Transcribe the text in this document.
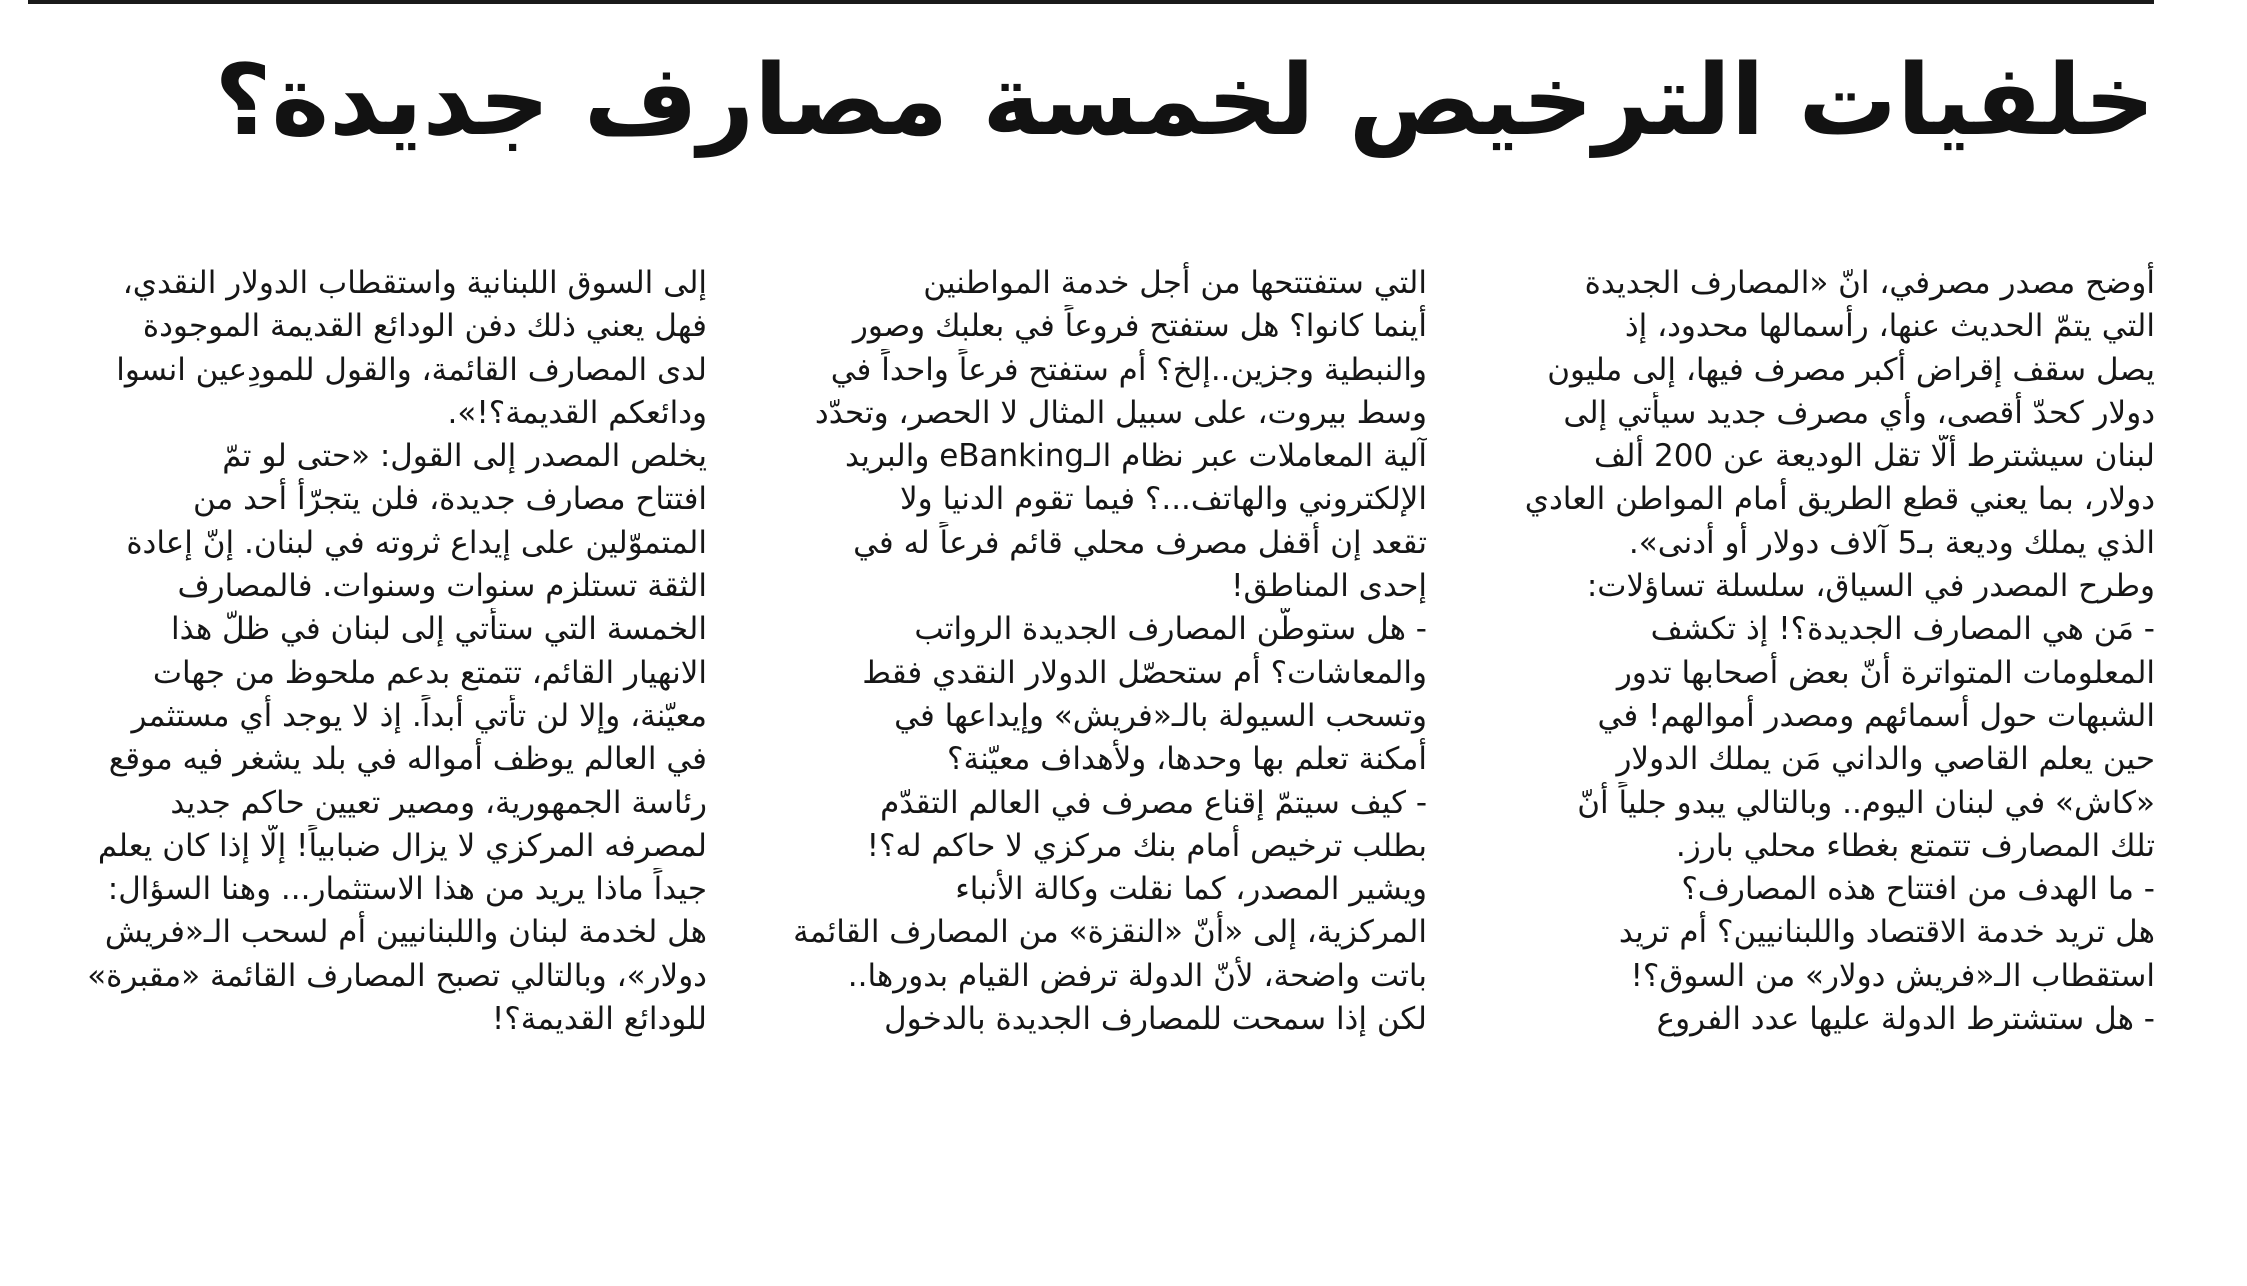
خلفيات الترخيص لخمسة مصارف جديدة؟

أوضح مصدر مصرفي، انّ «المصارف الجديدة

التي يتمّ الحديث عنها، رأسمالها محدود، إذ

يصل سقف إقراض أكبر مصرف فيها، إلى مليون

دولار كحدّ أقصى، وأي مصرف جديد سيأتي إلى

لبنان سيشترط ألّا تقل الوديعة عن 200 ألف

دولار، بما يعني قطع الطريق أمام المواطن العادي

الذي يملك وديعة بـ5 آلاف دولار أو أدنى».

وطرح المصدر في السياق، سلسلة تساؤلات:

- مَن هي المصارف الجديدة؟! إذ تكشف

المعلومات المتواترة أنّ بعض أصحابها تدور

الشبهات حول أسمائهم ومصدر أموالهم! في

حين يعلم القاصي والداني مَن يملك الدولار

«كاش» في لبنان اليوم.. وبالتالي يبدو جلياً أنّ

تلك المصارف تتمتع بغطاء محلي بارز.

- ما الهدف من افتتاح هذه المصارف؟

هل تريد خدمة الاقتصاد واللبنانيين؟ أم تريد

استقطاب الـ«فريش دولار» من السوق؟!

- هل ستشترط الدولة عليها عدد الفروع

التي ستفتتحها من أجل خدمة المواطنين

أينما كانوا؟ هل ستفتح فروعاً في بعلبك وصور

والنبطية وجزين..إلخ؟ أم ستفتح فرعاً واحداً في

وسط بيروت، على سبيل المثال لا الحصر، وتحدّد

آلية المعاملات عبر نظام الـeBanking والبريد

الإلكتروني والهاتف...؟ فيما تقوم الدنيا ولا

تقعد إن أقفل مصرف محلي قائم فرعاً له في

إحدى المناطق!

- هل ستوطّن المصارف الجديدة الرواتب

والمعاشات؟ أم ستحصّل الدولار النقدي فقط

وتسحب السيولة بالـ«فريش» وإيداعها في

أمكنة تعلم بها وحدها، ولأهداف معيّنة؟

- كيف سيتمّ إقناع مصرف في العالم التقدّم

بطلب ترخيص أمام بنك مركزي لا حاكم له؟!

ويشير المصدر، كما نقلت وكالة الأنباء

المركزية، إلى «أنّ «النقزة» من المصارف القائمة

باتت واضحة، لأنّ الدولة ترفض القيام بدورها..

لكن إذا سمحت للمصارف الجديدة بالدخول

إلى السوق اللبنانية واستقطاب الدولار النقدي،

فهل يعني ذلك دفن الودائع القديمة الموجودة

لدى المصارف القائمة، والقول للمودِعين انسوا

ودائعكم القديمة؟!».

يخلص المصدر إلى القول: «حتى لو تمّ

افتتاح مصارف جديدة، فلن يتجرّأ أحد من

المتموّلين على إيداع ثروته في لبنان. إنّ إعادة

الثقة تستلزم سنوات وسنوات. فالمصارف

الخمسة التي ستأتي إلى لبنان في ظلّ هذا

الانهيار القائم، تتمتع بدعم ملحوظ من جهات

معيّنة، وإلا لن تأتي أبداً. إذ لا يوجد أي مستثمر

في العالم يوظف أمواله في بلد يشغر فيه موقع

رئاسة الجمهورية، ومصير تعيين حاكم جديد

لمصرفه المركزي لا يزال ضبابياً! إلّا إذا كان يعلم

جيداً ماذا يريد من هذا الاستثمار... وهنا السؤال:

هل لخدمة لبنان واللبنانيين أم لسحب الـ«فريش

دولار»، وبالتالي تصبح المصارف القائمة «مقبرة»

للودائع القديمة؟!
